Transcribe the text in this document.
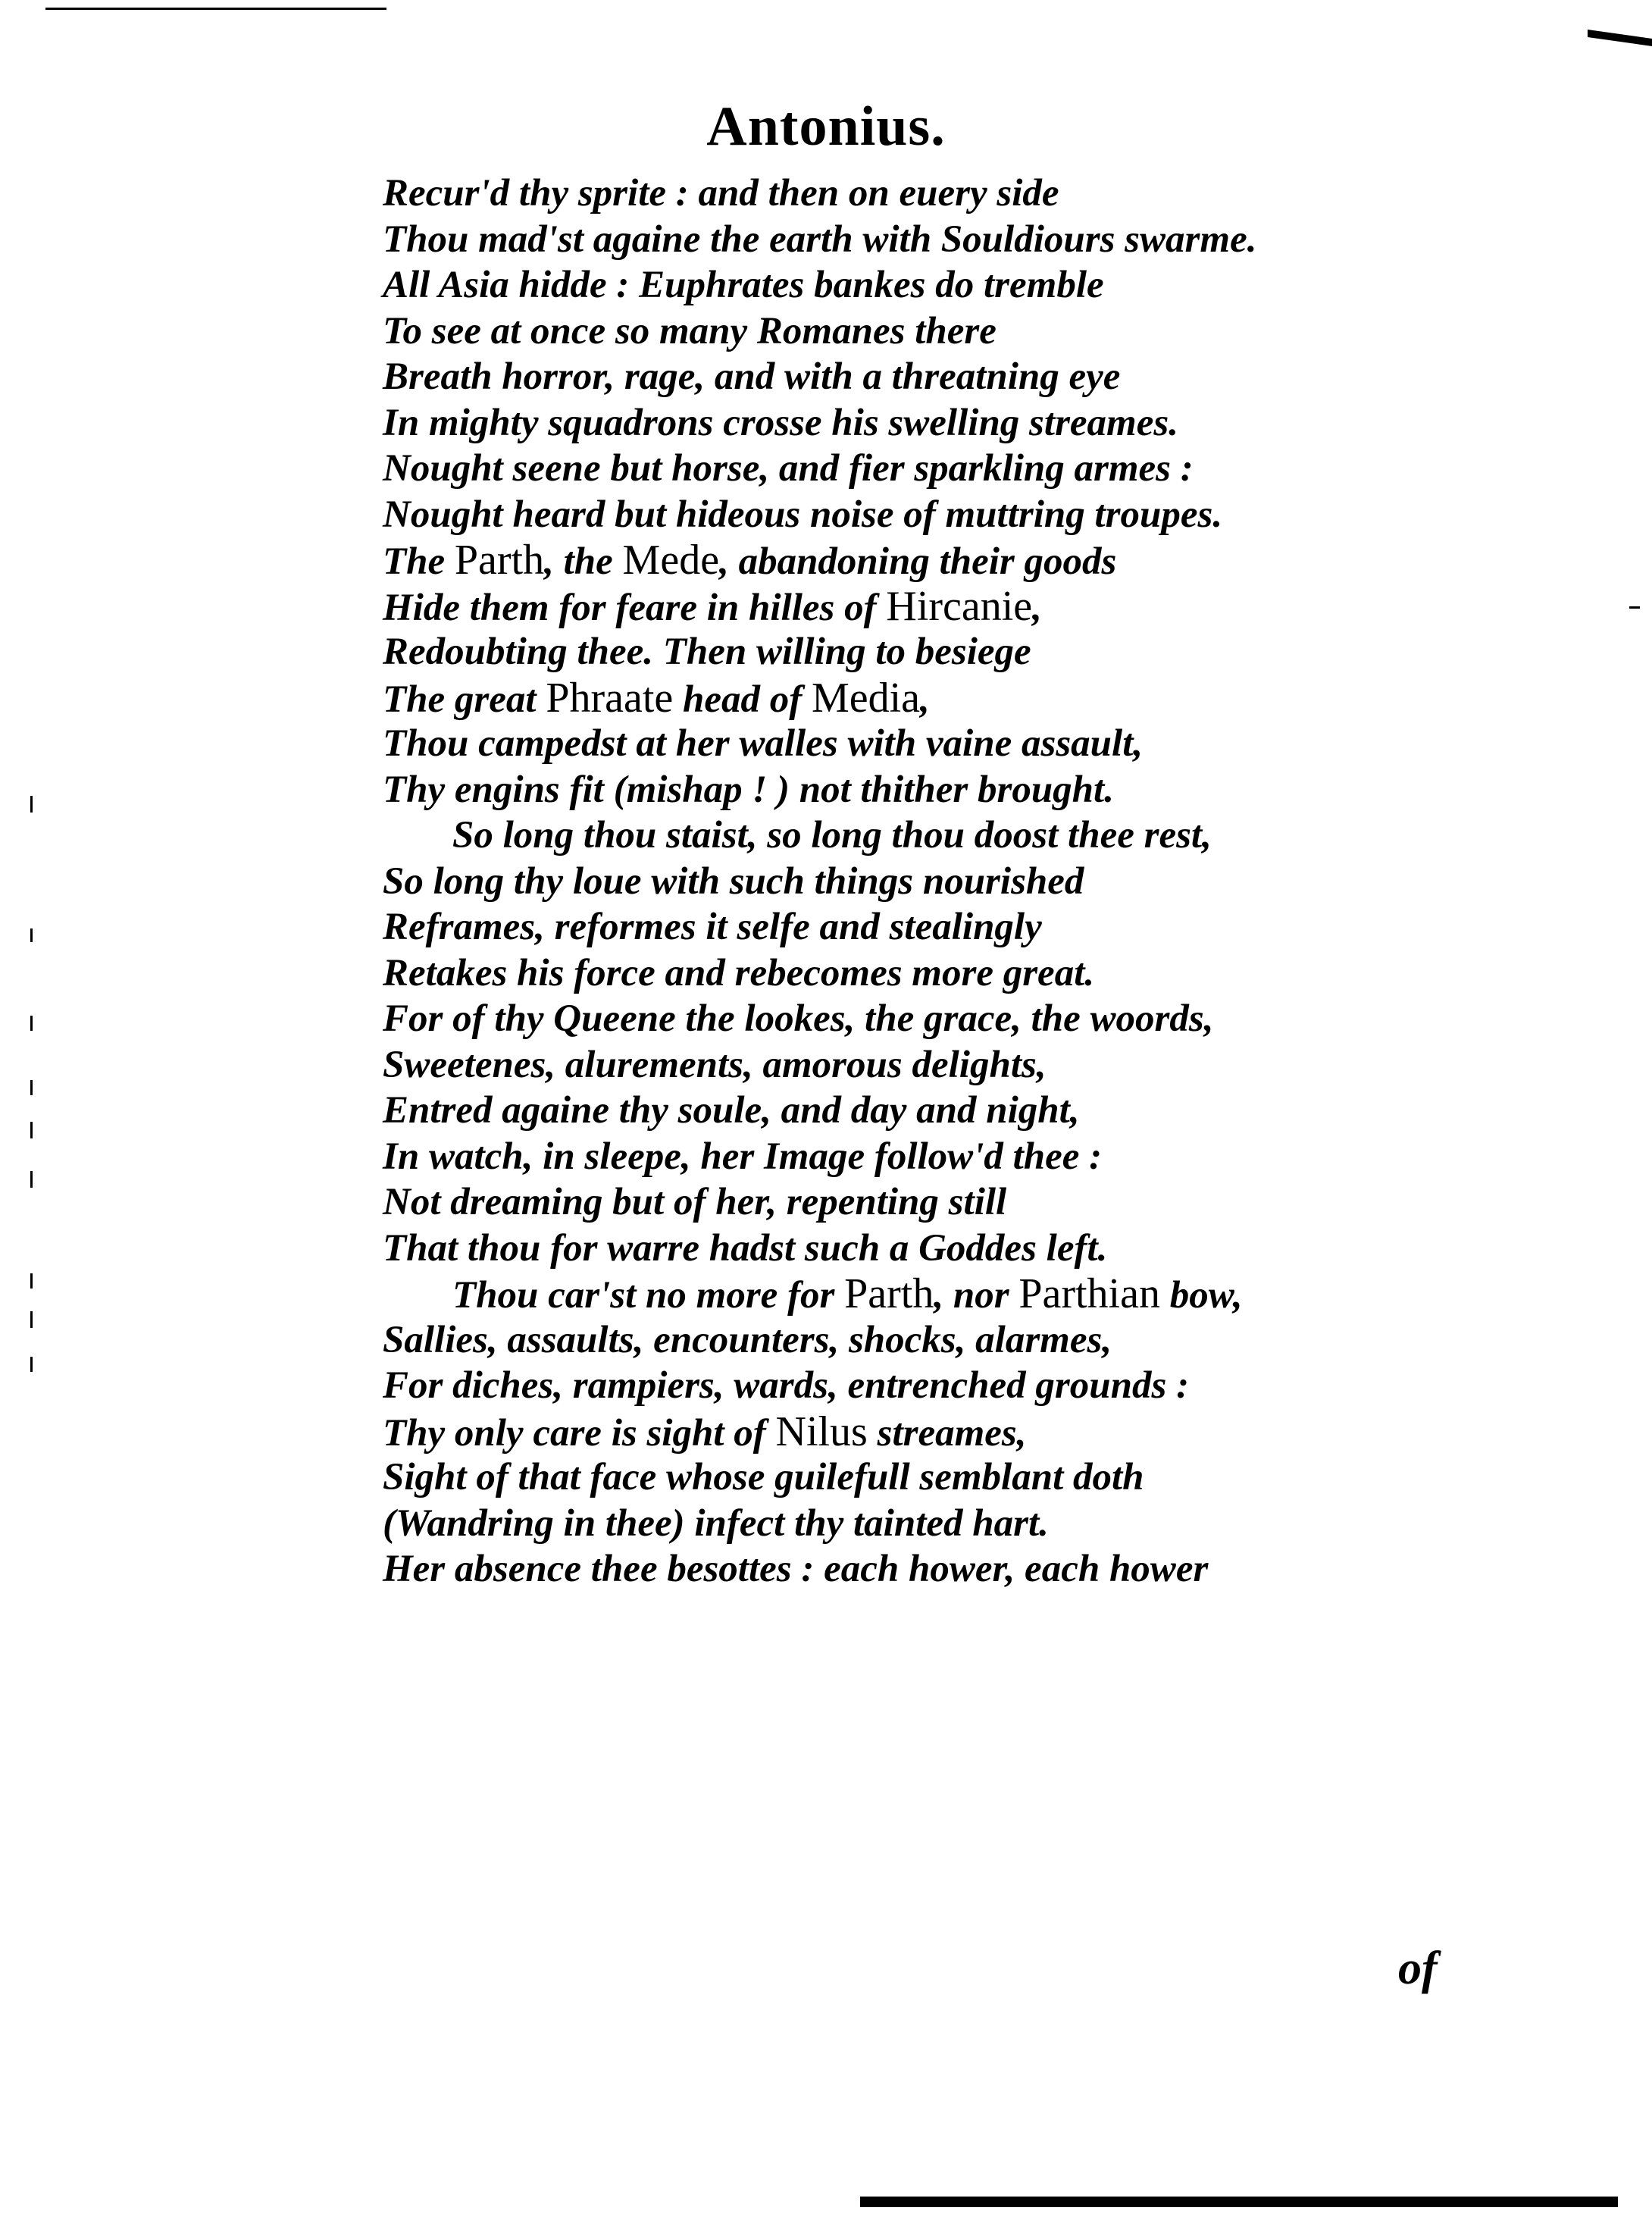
Antonius.
Recur'd thy sprite : and then on euery side
Thou mad'st againe the earth with Souldiours swarme.
All Asia hidde : Euphrates bankes do tremble
To see at once so many Romanes there
Breath horror, rage, and with a threatning eye
In mighty squadrons crosse his swelling streames.
Nought seene but horse, and fier sparkling armes :
Nought heard but hideous noise of muttring troupes.
The Parth, the Mede, abandoning their goods
Hide them for feare in hilles of Hircanie,
Redoubting thee. Then willing to besiege
The great Phraate head of Media,
Thou campedst at her walles with vaine assault,
Thy engins fit (mishap ! ) not thither brought.
So long thou staist, so long thou doost thee rest,
So long thy loue with such things nourished
Reframes, reformes it selfe and stealingly
Retakes his force and rebecomes more great.
For of thy Queene the lookes, the grace, the woords,
Sweetenes, alurements, amorous delights,
Entred againe thy soule, and day and night,
In watch, in sleepe, her Image follow'd thee :
Not dreaming but of her, repenting still
That thou for warre hadst such a Goddes left.
Thou car'st no more for Parth, nor Parthian bow,
Sallies, assaults, encounters, shocks, alarmes,
For diches, rampiers, wards, entrenched grounds :
Thy only care is sight of Nilus streames,
Sight of that face whose guilefull semblant doth
(Wandring in thee) infect thy tainted hart.
Her absence thee besottes : each hower, each hower
of
